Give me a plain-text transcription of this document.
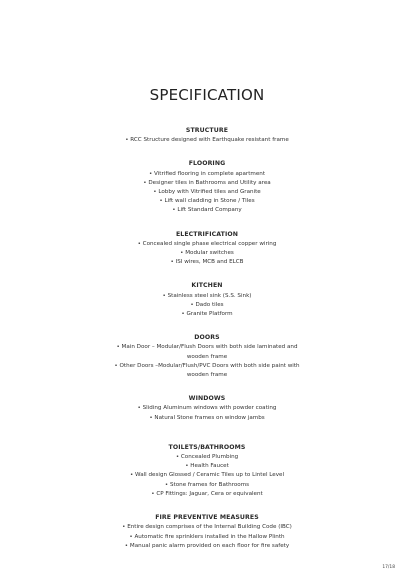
SPECIFICATION
STRUCTURE
• RCC Structure designed with Earthquake resistant frame
FLOORING
• Vitrified flooring in complete apartment
• Designer tiles in Bathrooms and Utility area
• Lobby with Vitrified tiles and Granite
• Lift wall cladding in Stone / Tiles
• Lift Standard Company
ELECTRIFICATION
• Concealed single phase electrical copper wiring
• Modular switches
• ISI wires, MCB and ELCB
KITCHEN
• Stainless steel sink (S.S. Sink)
• Dado tiles
• Granite Platform
DOORS
• Main Door – Modular/Flush Doors with both side laminated and wooden frame
• Other Doors –Modular/Flush/PVC Doors with both side paint with wooden frame
WINDOWS
• Sliding Aluminum windows with powder coating
• Natural Stone frames on window jambs
TOILETS/BATHROOMS
• Concealed Plumbing
• Health Faucet
• Wall design Glossed / Ceramic Tiles up to Lintel Level
• Stone frames for Bathrooms
• CP Fittings: Jaguar, Cera or equivalent
FIRE PREVENTIVE MEASURES
• Entire design comprises of the Internal Building Code (IBC)
• Automatic fire sprinklers installed in the Hallow Plinth
• Manual panic alarm provided on each floor for fire safety
17/18
